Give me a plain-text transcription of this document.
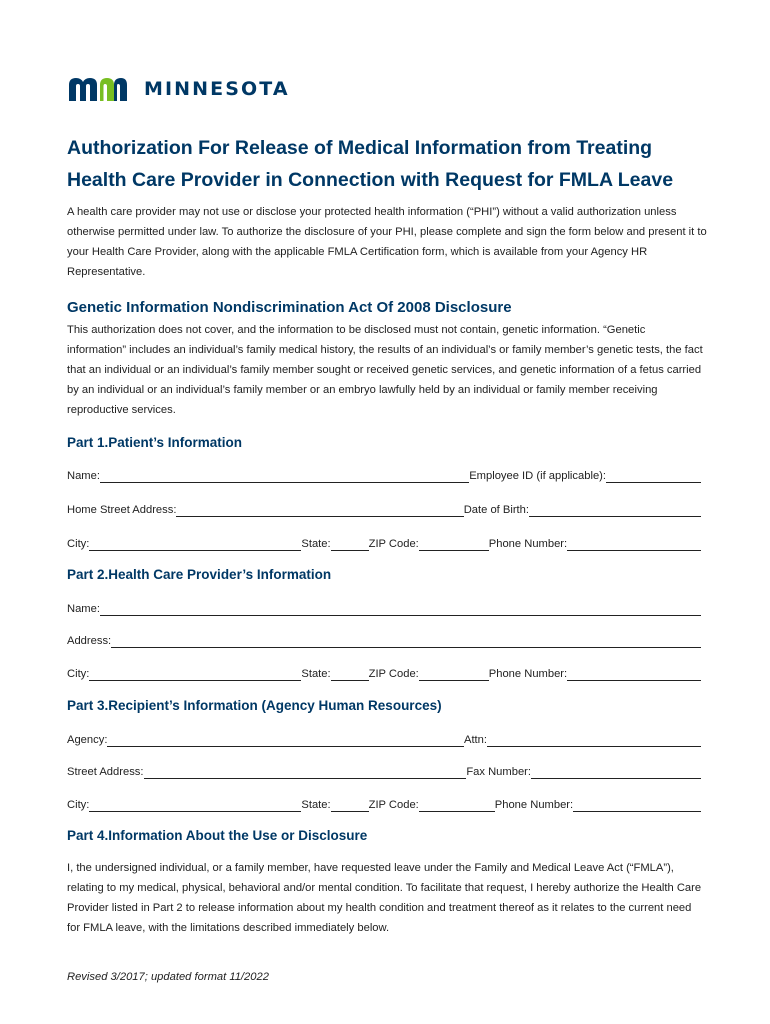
MINNESOTA
Authorization For Release of Medical Information from Treating
Health Care Provider in Connection with Request for FMLA Leave
A health care provider may not use or disclose your protected health information (“PHI”) without a valid authorization unless otherwise permitted under law. To authorize the disclosure of your PHI, please complete and sign the form below and present it to your Health Care Provider, along with the applicable FMLA Certification form, which is available from your Agency HR Representative.
Genetic Information Nondiscrimination Act Of 2008 Disclosure
This authorization does not cover, and the information to be disclosed must not contain, genetic information. “Genetic information” includes an individual’s family medical history, the results of an individual’s or family member’s genetic tests, the fact that an individual or an individual’s family member sought or received genetic services, and genetic information of a fetus carried by an individual or an individual’s family member or an embryo lawfully held by an individual or family member receiving reproductive services.
Part 1.Patient’s Information
Name:	Employee ID (if applicable):
Home Street Address:	Date of Birth:
City:	State:	ZIP Code:	Phone Number:
Part 2.Health Care Provider’s Information
Name:
Address:
City:	State:	ZIP Code:	Phone Number:
Part 3.Recipient’s Information (Agency Human Resources)
Agency:	Attn:
Street Address:	Fax Number:
City:	State:	ZIP Code:	Phone Number:
Part 4.Information About the Use or Disclosure
I, the undersigned individual, or a family member, have requested leave under the Family and Medical Leave Act (“FMLA”), relating to my medical, physical, behavioral and/or mental condition. To facilitate that request, I hereby authorize the Health Care Provider listed in Part 2 to release information about my health condition and treatment thereof as it relates to the current need for FMLA leave, with the limitations described immediately below.
Revised 3/2017; updated format 11/2022
